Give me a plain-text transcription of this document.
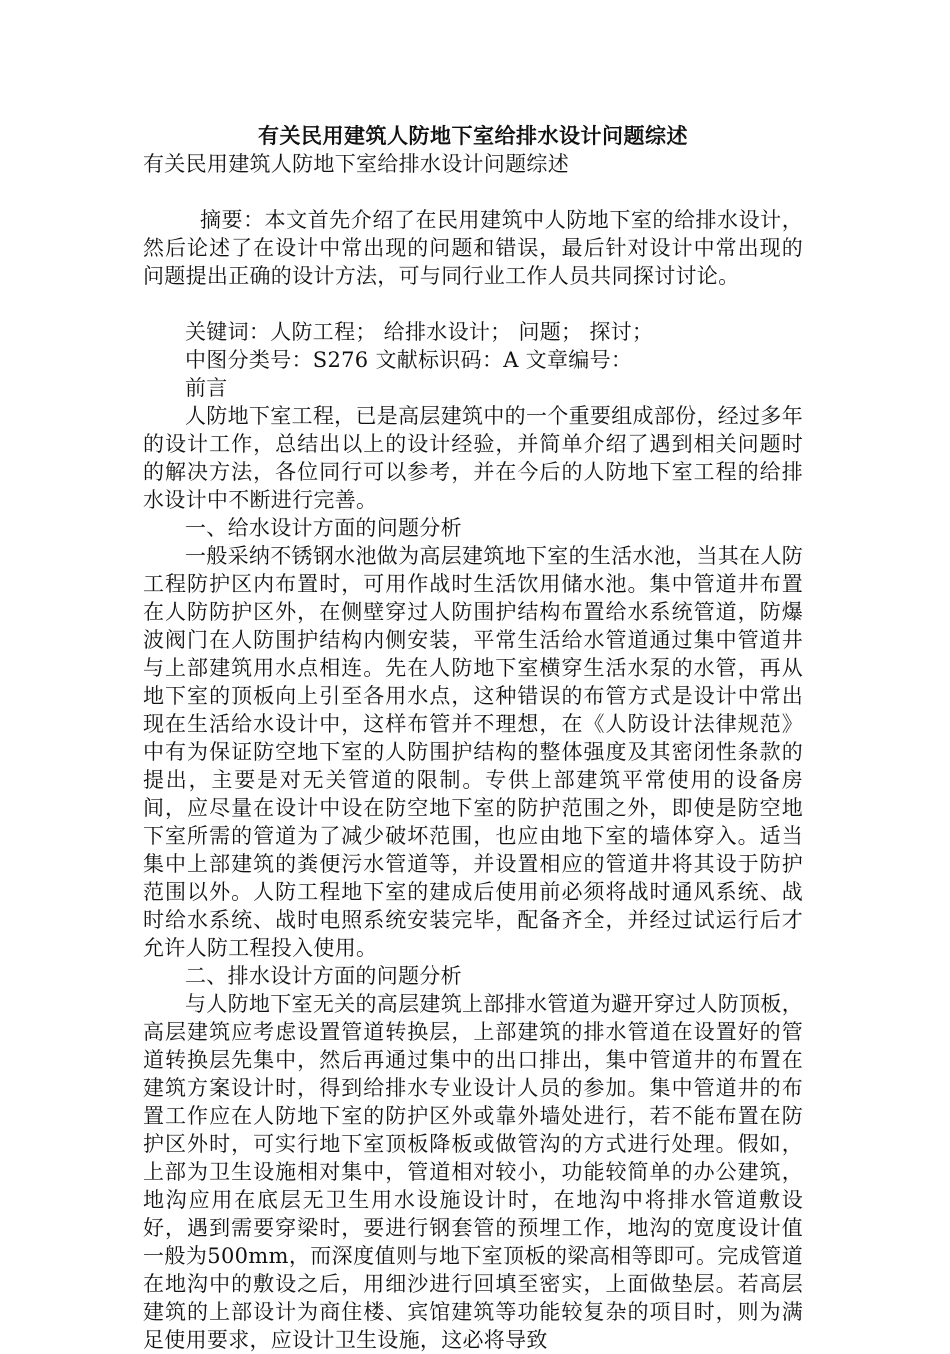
有关民用建筑人防地下室给排水设计问题综述
有关民用建筑人防地下室给排水设计问题综述

摘要：本文首先介绍了在民用建筑中人防地下室的给排水设计，然后论述了在设计中常出现的问题和错误，最后针对设计中常出现的问题提出正确的设计方法，可与同行业工作人员共同探讨讨论。

关键词：人防工程； 给排水设计； 问题； 探讨；

中图分类号：S276 文献标识码：A 文章编号：

前言

人防地下室工程，已是高层建筑中的一个重要组成部份，经过多年的设计工作，总结出以上的设计经验，并简单介绍了遇到相关问题时的解决方法，各位同行可以参考，并在今后的人防地下室工程的给排水设计中不断进行完善。

一、给水设计方面的问题分析

一般采纳不锈钢水池做为高层建筑地下室的生活水池，当其在人防工程防护区内布置时，可用作战时生活饮用储水池。集中管道井布置在人防防护区外，在侧壁穿过人防围护结构布置给水系统管道，防爆波阀门在人防围护结构内侧安装，平常生活给水管道通过集中管道井与上部建筑用水点相连。先在人防地下室横穿生活水泵的水管，再从地下室的顶板向上引至各用水点，这种错误的布管方式是设计中常出现在生活给水设计中，这样布管并不理想，在《人防设计法律规范》中有为保证防空地下室的人防围护结构的整体强度及其密闭性条款的提出，主要是对无关管道的限制。专供上部建筑平常使用的设备房间，应尽量在设计中设在防空地下室的防护范围之外，即使是防空地下室所需的管道为了减少破坏范围，也应由地下室的墙体穿入。适当集中上部建筑的粪便污水管道等，并设置相应的管道井将其设于防护范围以外。人防工程地下室的建成后使用前必须将战时通风系统、战时给水系统、战时电照系统安装完毕，配备齐全，并经过试运行后才允许人防工程投入使用。

二、排水设计方面的问题分析

与人防地下室无关的高层建筑上部排水管道为避开穿过人防顶板，高层建筑应考虑设置管道转换层，上部建筑的排水管道在设置好的管道转换层先集中，然后再通过集中的出口排出，集中管道井的布置在建筑方案设计时，得到给排水专业设计人员的参加。集中管道井的布置工作应在人防地下室的防护区外或靠外墙处进行，若不能布置在防护区外时，可实行地下室顶板降板或做管沟的方式进行处理。假如，上部为卫生设施相对集中，管道相对较小，功能较简单的办公建筑，地沟应用在底层无卫生用水设施设计时，在地沟中将排水管道敷设好，遇到需要穿梁时，要进行钢套管的预埋工作，地沟的宽度设计值一般为500mm，而深度值则与地下室顶板的梁高相等即可。完成管道在地沟中的敷设之后，用细沙进行回填至密实，上面做垫层。若高层建筑的上部设计为商住楼、宾馆建筑等功能较复杂的项目时，则为满足使用要求，应设计卫生设施，这必将导致
